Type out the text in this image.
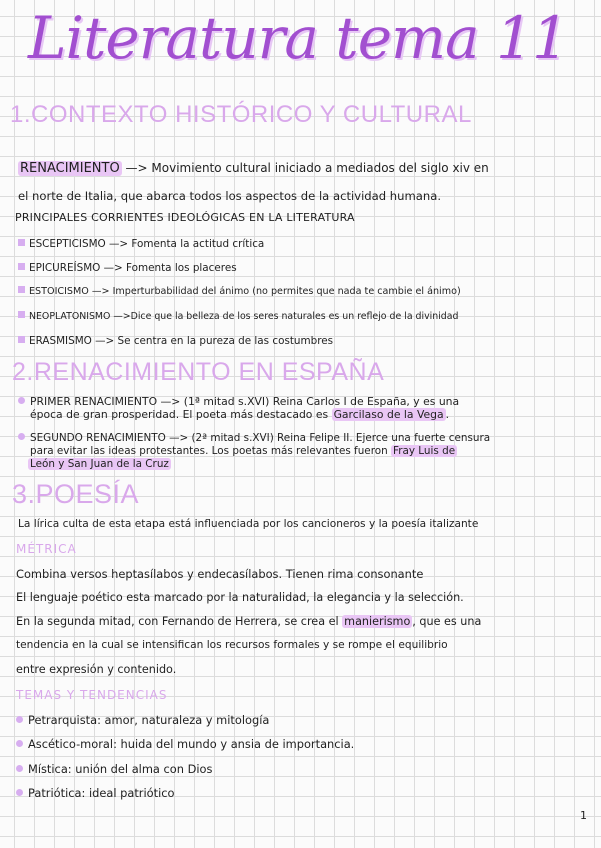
Literatura tema 11
1.CONTEXTO HISTÓRICO Y CULTURAL
RENACIMIENTO —> Movimiento cultural iniciado a mediados del siglo xiv en
el norte de Italia, que abarca todos los aspectos de la actividad humana.
PRINCIPALES CORRIENTES IDEOLÓGICAS EN LA LITERATURA
ESCEPTICISMO —> Fomenta la actitud crítica
EPICUREÍSMO —> Fomenta los placeres
ESTOICISMO —> Imperturbabilidad del ánimo (no permites que nada te cambie el ánimo)
NEOPLATONISMO —>Dice que la belleza de los seres naturales es un reflejo de la divinidad
ERASMISMO —> Se centra en la pureza de las costumbres
2.RENACIMIENTO EN ESPAÑA
PRIMER RENACIMIENTO —> (1ª mitad s.XVI) Reina Carlos I de España, y es una
época de gran prosperidad. El poeta más destacado es Garcilaso de la Vega .
SEGUNDO RENACIMIENTO —> (2ª mitad s.XVI) Reina Felipe II. Ejerce una fuerte censura
para evitar las ideas protestantes. Los poetas más relevantes fueron Fray Luis de
León y San Juan de la Cruz
3.POESÍA
La lírica culta de esta etapa está influenciada por los cancioneros y la poesía italizante
MÉTRICA
Combina versos heptasílabos y endecasílabos. Tienen rima consonante
El lenguaje poético esta marcado por la naturalidad, la elegancia y la selección.
En la segunda mitad, con Fernando de Herrera, se crea el manierismo , que es una
tendencia en la cual se intensifican los recursos formales y se rompe el equilibrio
entre expresión y contenido.
TEMAS Y TENDENCIAS
Petrarquista: amor, naturaleza y mitología
Ascético-moral: huida del mundo y ansia de importancia.
Mística: unión del alma con Dios
Patriótica: ideal patriótico
1
